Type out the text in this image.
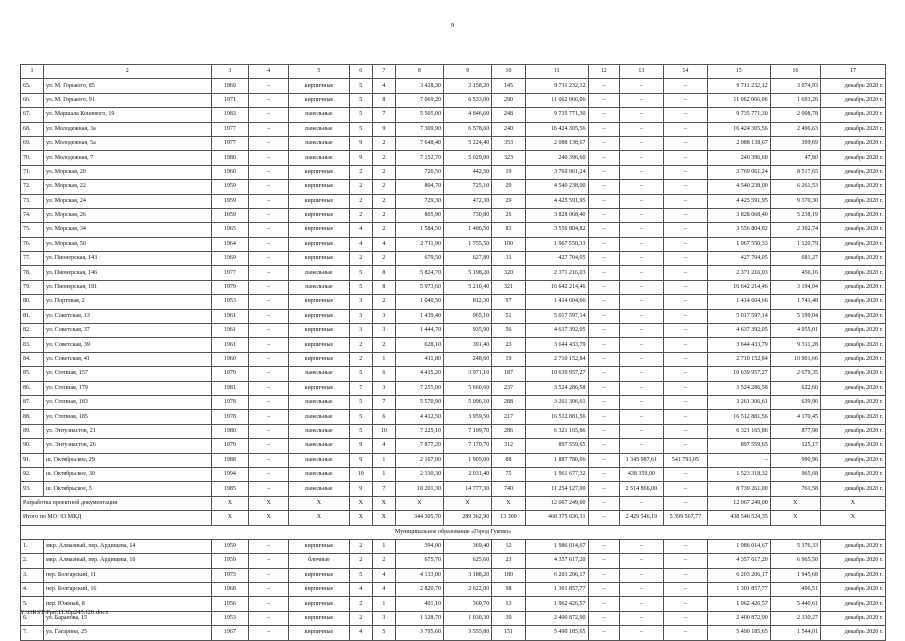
9
1	2	3	4	5	6	7	8	9	10	11	12	13	14	15	16	17
65.	ул. М. Горького, 85	1969	–	кирпичные	5	4	3 428,30	3 158,20	145	9 711 232,12	–	–	–	9 711 232,12	3 074,93	декабрь 2020 г.
66.	ул. М. Горького, 91	1971	–	кирпичные	5	8	7 069,20	6 533,00	290	11 062 066,06	–	–	–	11 062 066,06	1 693,26	декабрь 2020 г.
67.	ул. Маршала Кошевого, 19	1983	–	панельные	5	7	5 505,00	4 846,60	248	9 735 771,30	–	–	–	9 735 771,30	2 008,78	декабрь 2020 г.
68.	ул. Молодежная, 3а	1977	–	панельные	5	9	7 309,90	6 578,60	240	16 424 305,56	–	–	–	16 424 305,56	2 496,63	декабрь 2020 г.
69.	ул. Молодежная, 5а	1977	–	панельные	9	2	7 648,40	5 224,40	353	2 088 138,67	–	–	–	2 088 138,67	399,69	декабрь 2020 г.
70.	ул. Молодежная, 7	1980	–	панельные	9	2	7 152,70	5 029,00	323	240 396,60	–	–	–	240 396,60	47,80	декабрь 2020 г.
71.	ул. Морская, 20	1960	–	кирпичные	2	2	726,50	442,50	19	3 769 061,24	–	–	–	3 769 061,24	8 517,65	декабрь 2020 г.
72.	ул. Морская, 22	1959	–	кирпичные	2	2	804,70	725,10	29	4 540 238,00	–	–	–	4 540 238,00	6 261,53	декабрь 2020 г.
73.	ул. Морская, 24	1959	–	кирпичные	2	2	729,30	472,30	29	4 425 591,95	–	–	–	4 425 591,95	9 370,30	декабрь 2020 г.
74.	ул. Морская, 26	1959	–	кирпичные	2	2	805,90	730,80	26	3 828 068,40	–	–	–	3 828 068,40	5 238,19	декабрь 2020 г.
75.	ул. Морская, 34	1965	–	кирпичные	4	2	1 584,50	1 486,50	83	3 556 804,82	–	–	–	3 556 804,82	2 392,74	декабрь 2020 г.
76.	ул. Морская, 50	1964	–	кирпичные	4	4	2 711,90	1 755,50	100	1 967 550,33	–	–	–	1 967 550,33	1 120,79	декабрь 2020 г.
77.	ул. Пионерская, 143	1969	–	кирпичные	2	2	679,50	627,80	31	427 704,05	–	–	–	427 704,05	681,27	декабрь 2020 г.
78.	ул. Пионерская, 146	1977	–	панельные	5	8	5 824,70	5 198,20	320	2 371 216,03	–	–	–	2 371 216,03	456,16	декабрь 2020 г.
79.	ул. Пионерская, 181	1979	–	панельные	5	8	5 973,60	5 210,40	321	16 642 214,46	–	–	–	16 642 214,46	3 194,04	декабрь 2020 г.
80.	ул. Портовая, 2	1953	–	кирпичные	3	2	1 040,50	812,30	97	1 414 604,66	–	–	–	1 414 604,66	1 741,48	декабрь 2020 г.
81.	ул. Советская, 13	1961	–	кирпичные	3	3	1 439,40	965,10	51	5 017 597,14	–	–	–	5 017 597,14	5 199,04	декабрь 2020 г.
82.	ул. Советская, 37	1961	–	кирпичные	3	3	1 444,70	935,90	56	4 637 392,05	–	–	–	4 637 392,05	4 955,01	декабрь 2020 г.
83.	ул. Советская, 39	1961	–	кирпичные	2	2	628,10	391,40	23	3 644 433,79	–	–	–	3 644 433,79	9 311,28	декабрь 2020 г.
84.	ул. Советская, 41	1960	–	кирпичные	2	1	411,80	248,60	19	2 710 152,84	–	–	–	2 710 152,84	10 901,66	декабрь 2020 г.
85.	ул. Степная, 157	1979	–	панельные	5	6	4 415,20	3 971,10	187	10 639 957,27	–	–	–	10 639 957,27	2 679,35	декабрь 2020 г.
86.	ул. Степная, 179	1981	–	кирпичные	7	3	7 255,00	5 660,60	237	3 524 286,58	–	–	–	3 524 286,58	622,60	декабрь 2020 г.
87.	ул. Степная, 183	1978	–	панельные	5	7	5 570,90	5 096,10	288	3 261 306,61	–	–	–	3 261 306,61	639,96	декабрь 2020 г.
88.	ул. Степная, 185	1978	–	панельные	5	6	4 412,50	3 959,50	217	16 512 881,56	–	–	–	16 512 881,56	4 170,45	декабрь 2020 г.
89.	ул. Энтузиастов, 21	1980	–	панельные	5	10	7 225,10	7 199,70	286	6 321 165,86	–	–	–	6 321 165,86	877,98	декабрь 2020 г.
90.	ул. Энтузиастов, 26	1979	–	панельные	9	4	7 877,20	7 170,70	312	897 559,65	–	–	–	897 559,65	125,17	декабрь 2020 г.
91.	ш. Октябрьское, 29	1988	–	панельные	9	1	2 167,00	1 905,00	88	1 887 780,66	–	1 345 987,61	541 793,05	–	990,96	декабрь 2020 г.
92.	ш. Октябрьское, 30	1994	–	панельные	10	1	2 330,30	2 031,40	75	1 961 677,32	–	438 359,00	–	1 523 318,32	965,68	декабрь 2020 г.
93.	ш. Октябрьское, 5	1985	–	панельные	9	7	18 201,30	14 777,30	740	11 254 127,00	–	2 514 866,00	–	8 739 261,00	761,58	декабрь 2020 г.
Разработка проектной документации		X	X	X	X	X	X	X	X	12 067 249,00	–	–	–	12 067 249,00	X	X
Итого по МО: 93 МКД		X	X	X	X	X	344 305,70	289 362,90	13 309	468 375 636,31	–	2 429 546,19	5 399 567,77	438 546 524,35	X	X
Муниципальное образование «Город Гуково»																
1.	мкр. Алмазный, пер. Ардищева, 14	1959	–	кирпичные	2	1	394,00	369,40	12	1 986 014,67	–	–	–	1 986 014,67	5 376,33	декабрь 2020 г.
2.	мкр. Алмазный, пер. Ардищева, 16	1959	–	блочные	2	2	675,70	625,60	23	4 357 617,20	–	–	–	4 357 617,20	6 965,50	декабрь 2020 г.
3.	пер. Болгарский, 11	1973	–	кирпичные	5	4	4 133,00	3 188,20	180	6 203 206,17	–	–	–	6 203 206,17	1 945,68	декабрь 2020 г.
4.	пер. Болгарский, 16	1968	–	кирпичные	4	4	2 820,70	2 622,00	98	1 301 857,77	–	–	–	1 301 857,77	496,51	декабрь 2020 г.
5.	пер. Южный, 8	1956	–	кирпичные	2	1	401,10	360,70	13	1 962 426,57	–	–	–	1 962 426,57	5 440,61	декабрь 2020 г.
6.	ул. Баранова, 15	1953	–	кирпичные	2	3	1 128,70	1 030,30	39	2 400 872,90	–	–	–	2 400 872,90	2 330,27	декабрь 2020 г.
7.	ул. Гагарина, 25	1967	–	кирпичные	4	5	3 795,60	3 555,80	151	5 490 185,65	–	–	–	5 490 185,65	1 544,01	декабрь 2020 г.
Y:\ORST\Ppo\1130p245.f20.docx
